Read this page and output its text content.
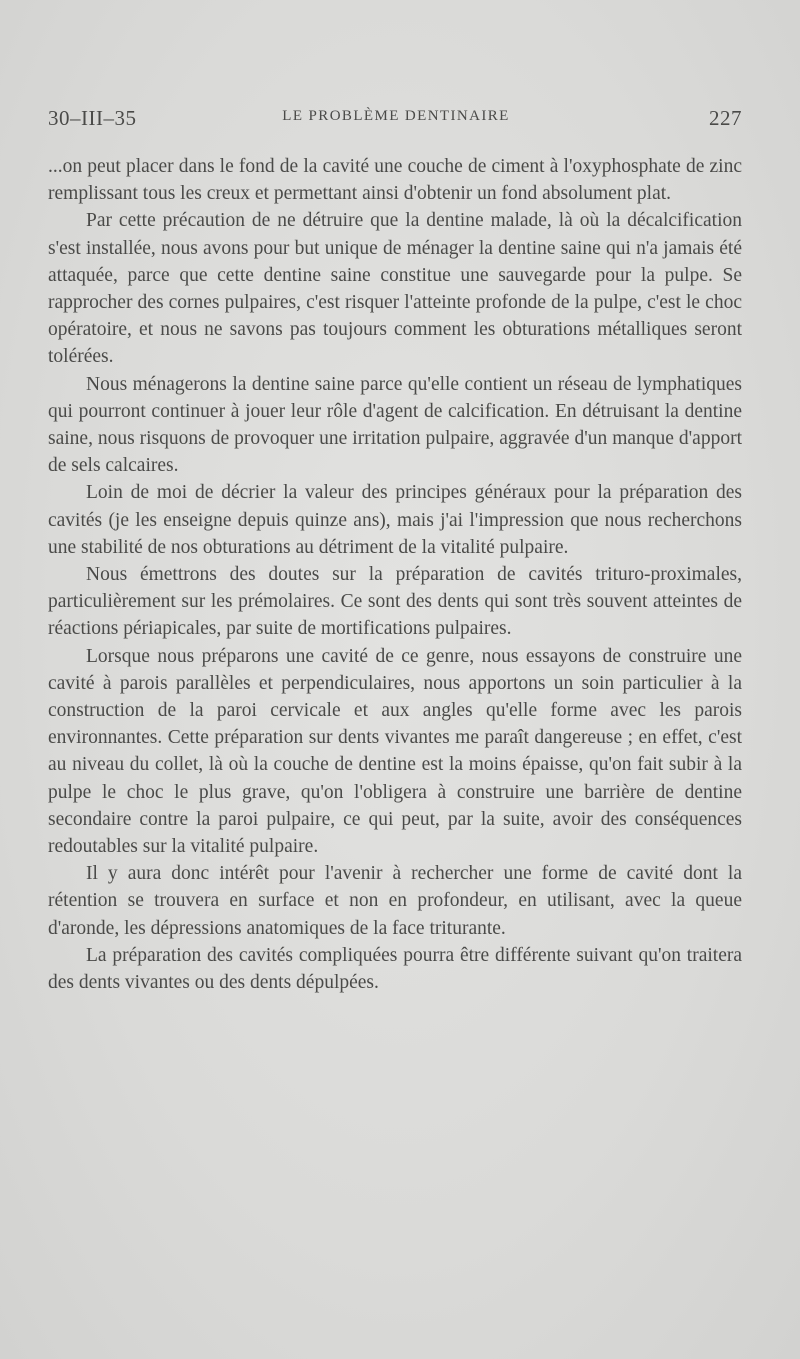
30–III–35	LE PROBLÈME DENTINAIRE	227

...on peut placer dans le fond de la cavité une couche de ciment à l'oxyphosphate de zinc remplissant tous les creux et permettant ainsi d'obtenir un fond absolument plat.

Par cette précaution de ne détruire que la dentine malade, là où la décalcification s'est installée, nous avons pour but unique de ménager la dentine saine qui n'a jamais été attaquée, parce que cette dentine saine constitue une sauvegarde pour la pulpe. Se rapprocher des cornes pulpaires, c'est risquer l'atteinte profonde de la pulpe, c'est le choc opératoire, et nous ne savons pas toujours comment les obturations métalliques seront tolérées.

Nous ménagerons la dentine saine parce qu'elle contient un réseau de lymphatiques qui pourront continuer à jouer leur rôle d'agent de calcification. En détruisant la dentine saine, nous risquons de provoquer une irritation pulpaire, aggravée d'un manque d'apport de sels calcaires.

Loin de moi de décrier la valeur des principes généraux pour la préparation des cavités (je les enseigne depuis quinze ans), mais j'ai l'impression que nous recherchons une stabilité de nos obturations au détriment de la vitalité pulpaire.

Nous émettrons des doutes sur la préparation de cavités trituro-proximales, particulièrement sur les prémolaires. Ce sont des dents qui sont très souvent atteintes de réactions périapicales, par suite de mortifications pulpaires.

Lorsque nous préparons une cavité de ce genre, nous essayons de construire une cavité à parois parallèles et perpendiculaires, nous apportons un soin particulier à la construction de la paroi cervicale et aux angles qu'elle forme avec les parois environnantes. Cette préparation sur dents vivantes me paraît dangereuse ; en effet, c'est au niveau du collet, là où la couche de dentine est la moins épaisse, qu'on fait subir à la pulpe le choc le plus grave, qu'on l'obligera à construire une barrière de dentine secondaire contre la paroi pulpaire, ce qui peut, par la suite, avoir des conséquences redoutables sur la vitalité pulpaire.

Il y aura donc intérêt pour l'avenir à rechercher une forme de cavité dont la rétention se trouvera en surface et non en profondeur, en utilisant, avec la queue d'aronde, les dépressions anatomiques de la face triturante.

La préparation des cavités compliquées pourra être différente suivant qu'on traitera des dents vivantes ou des dents dépulpées.
